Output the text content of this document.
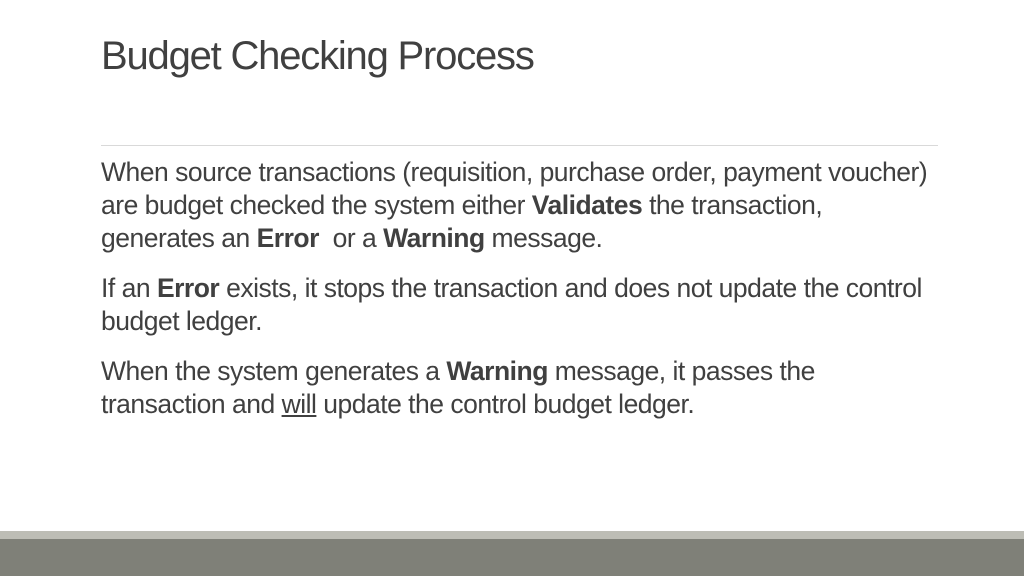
Budget Checking Process

When source transactions (requisition, purchase order, payment voucher) are budget checked the system either Validates the transaction, generates an Error  or a Warning message.

If an Error exists, it stops the transaction and does not update the control budget ledger.

When the system generates a Warning message, it passes the transaction and will update the control budget ledger.
